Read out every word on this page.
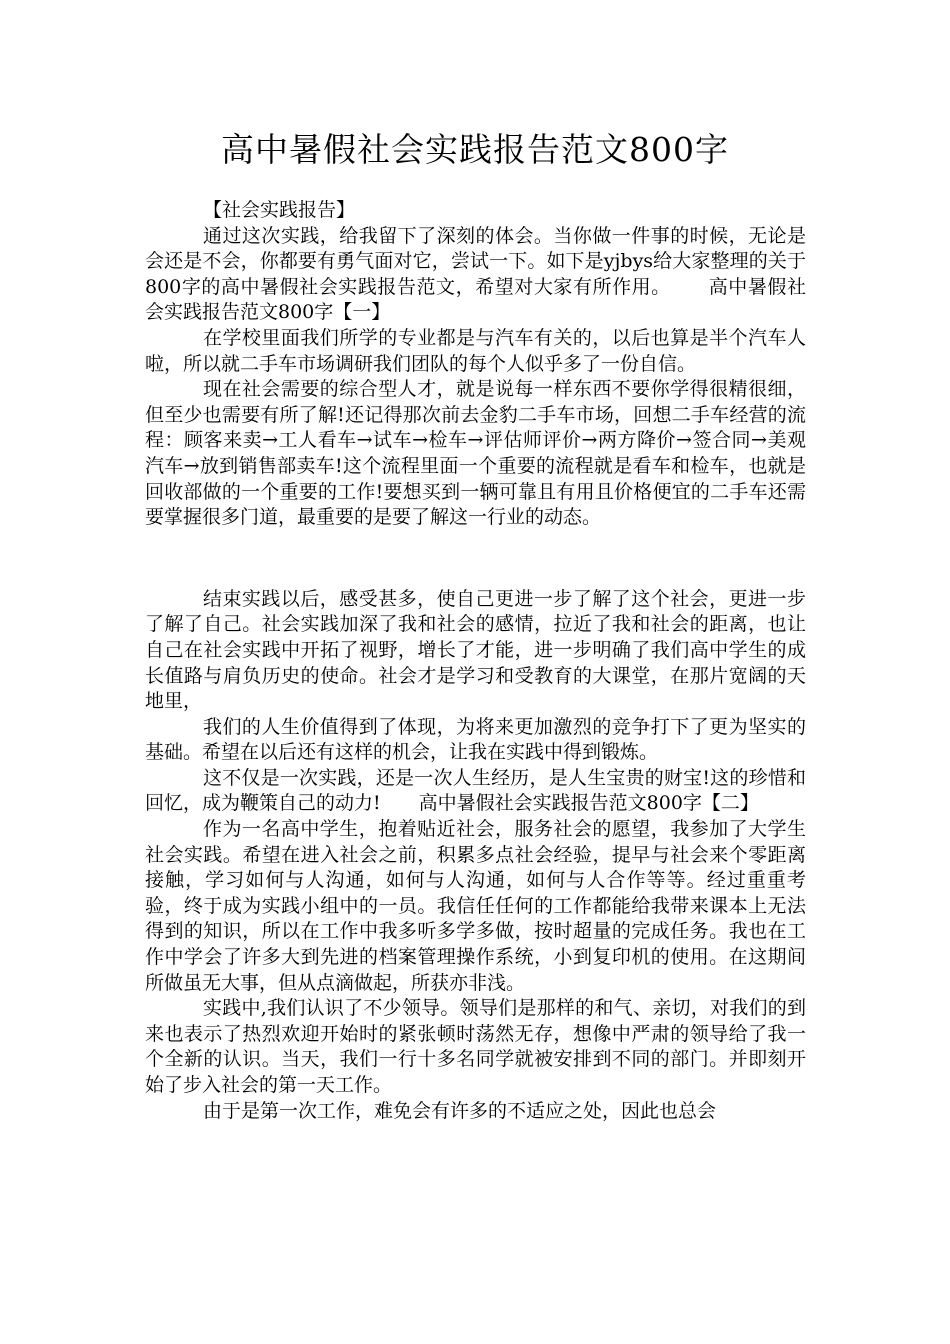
高中暑假社会实践报告范文800字

【社会实践报告】

通过这次实践，给我留下了深刻的体会。当你做一件事的时候，无论是会还是不会，你都要有勇气面对它，尝试一下。如下是yjbys给大家整理的关于800字的高中暑假社会实践报告范文，希望对大家有所作用。 高中暑假社会实践报告范文800字【一】

在学校里面我们所学的专业都是与汽车有关的，以后也算是半个汽车人啦，所以就二手车市场调研我们团队的每个人似乎多了一份自信。

现在社会需要的综合型人才，就是说每一样东西不要你学得很精很细，但至少也需要有所了解!还记得那次前去金豹二手车市场，回想二手车经营的流程：顾客来卖→工人看车→试车→检车→评估师评价→两方降价→签合同→美观汽车→放到销售部卖车!这个流程里面一个重要的流程就是看车和检车，也就是回收部做的一个重要的工作!要想买到一辆可靠且有用且价格便宜的二手车还需要掌握很多门道，最重要的是要了解这一行业的动态。

结束实践以后，感受甚多，使自己更进一步了解了这个社会，更进一步了解了自己。社会实践加深了我和社会的感情，拉近了我和社会的距离，也让自己在社会实践中开拓了视野，增长了才能，进一步明确了我们高中学生的成长值路与肩负历史的使命。社会才是学习和受教育的大课堂，在那片宽阔的天地里，

我们的人生价值得到了体现，为将来更加激烈的竞争打下了更为坚实的基础。希望在以后还有这样的机会，让我在实践中得到锻炼。

这不仅是一次实践，还是一次人生经历，是人生宝贵的财宝!这的珍惜和回忆，成为鞭策自己的动力! 高中暑假社会实践报告范文800字【二】

作为一名高中学生，抱着贴近社会，服务社会的愿望，我参加了大学生社会实践。希望在进入社会之前，积累多点社会经验，提早与社会来个零距离接触，学习如何与人沟通，如何与人沟通，如何与人合作等等。经过重重考验，终于成为实践小组中的一员。我信任任何的工作都能给我带来课本上无法得到的知识，所以在工作中我多听多学多做，按时超量的完成任务。我也在工作中学会了许多大到先进的档案管理操作系统，小到复印机的使用。在这期间所做虽无大事，但从点滴做起，所获亦非浅。

实践中,我们认识了不少领导。领导们是那样的和气、亲切，对我们的到来也表示了热烈欢迎开始时的紧张顿时荡然无存，想像中严肃的领导给了我一个全新的认识。当天，我们一行十多名同学就被安排到不同的部门。并即刻开始了步入社会的第一天工作。

由于是第一次工作，难免会有许多的不适应之处，因此也总会
